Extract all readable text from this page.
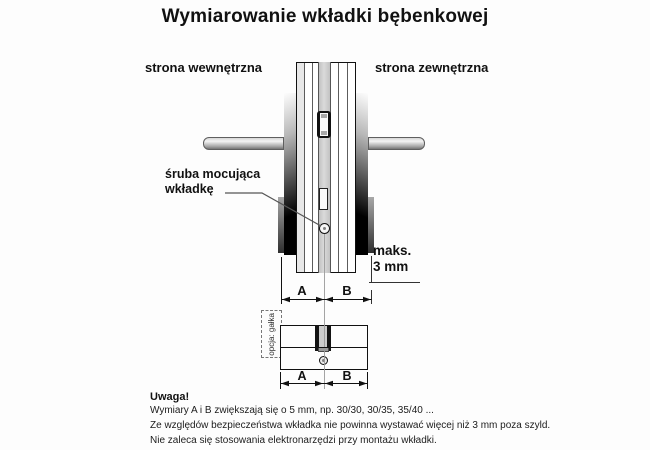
opcja: gałka
Wymiarowanie wkładki bębenkowej
strona wewnętrzna	strona zewnętrzna
śruba mocująca
wkładkę
maks.
3 mm
A	B
A	B
Uwaga!
Wymiary A i B zwiększają się o 5 mm, np. 30/30, 30/35, 35/40 ...
Ze względów bezpieczeństwa wkładka nie powinna wystawać więcej niż 3 mm poza szyld.
Nie zaleca się stosowania elektronarzędzi przy montażu wkładki.
